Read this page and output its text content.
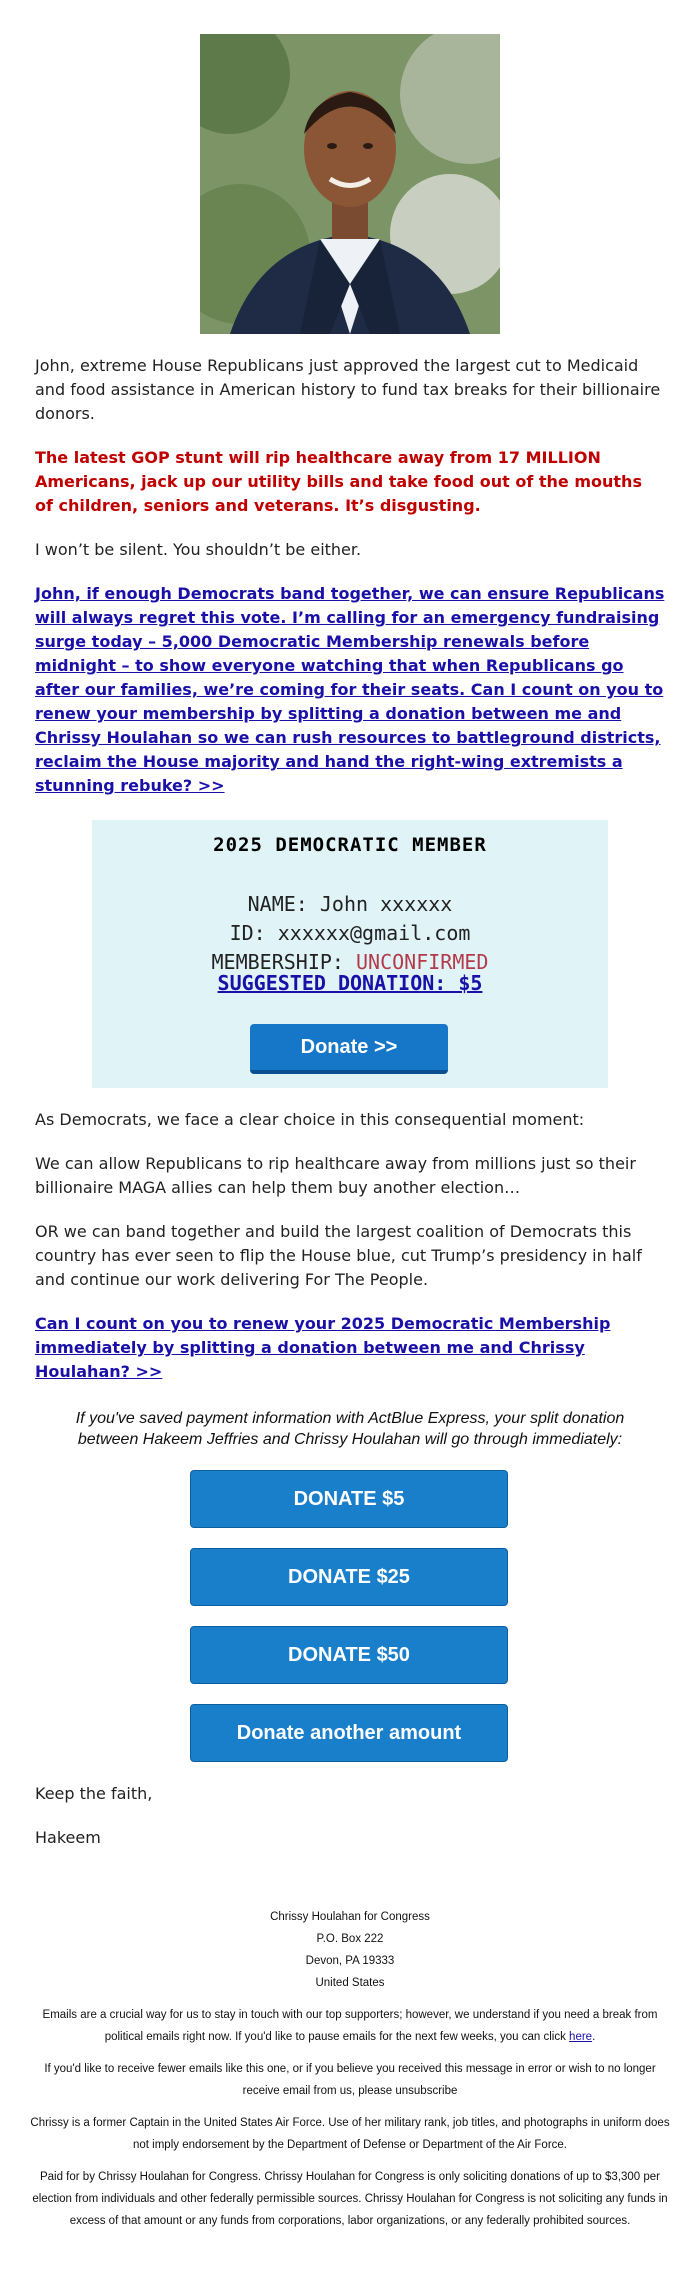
John, extreme House Republicans just approved the largest cut to Medicaid and food assistance in American history to fund tax breaks for their billionaire donors.

The latest GOP stunt will rip healthcare away from 17 MILLION Americans, jack up our utility bills and take food out of the mouths of children, seniors and veterans. It’s disgusting.

I won’t be silent. You shouldn’t be either.

John, if enough Democrats band together, we can ensure Republicans will always regret this vote. I’m calling for an emergency fundraising surge today – 5,000 Democratic Membership renewals before midnight – to show everyone watching that when Republicans go after our families, we’re coming for their seats. Can I count on you to renew your membership by splitting a donation between me and Chrissy Houlahan so we can rush resources to battleground districts, reclaim the House majority and hand the right-wing extremists a stunning rebuke? >>

2025 DEMOCRATIC MEMBER
NAME: John xxxxxx
ID: xxxxxx@gmail.com
MEMBERSHIP: UNCONFIRMED
SUGGESTED DONATION: $5
Donate >>

As Democrats, we face a clear choice in this consequential moment:

We can allow Republicans to rip healthcare away from millions just so their billionaire MAGA allies can help them buy another election…

OR we can band together and build the largest coalition of Democrats this country has ever seen to flip the House blue, cut Trump’s presidency in half and continue our work delivering For The People.

Can I count on you to renew your 2025 Democratic Membership immediately by splitting a donation between me and Chrissy Houlahan? >>

If you've saved payment information with ActBlue Express, your split donation between Hakeem Jeffries and Chrissy Houlahan will go through immediately:
DONATE $5
DONATE $25
DONATE $50
Donate another amount

Keep the faith,

Hakeem

Chrissy Houlahan for Congress
P.O. Box 222
Devon, PA 19333
United States
Emails are a crucial way for us to stay in touch with our top supporters; however, we understand if you need a break from political emails right now. If you'd like to pause emails for the next few weeks, you can click here.
If you'd like to receive fewer emails like this one, or if you believe you received this message in error or wish to no longer receive email from us, please unsubscribe
Chrissy is a former Captain in the United States Air Force. Use of her military rank, job titles, and photographs in uniform does not imply endorsement by the Department of Defense or Department of the Air Force.
Paid for by Chrissy Houlahan for Congress. Chrissy Houlahan for Congress is only soliciting donations of up to $3,300 per election from individuals and other federally permissible sources. Chrissy Houlahan for Congress is not soliciting any funds in excess of that amount or any funds from corporations, labor organizations, or any federally prohibited sources.
